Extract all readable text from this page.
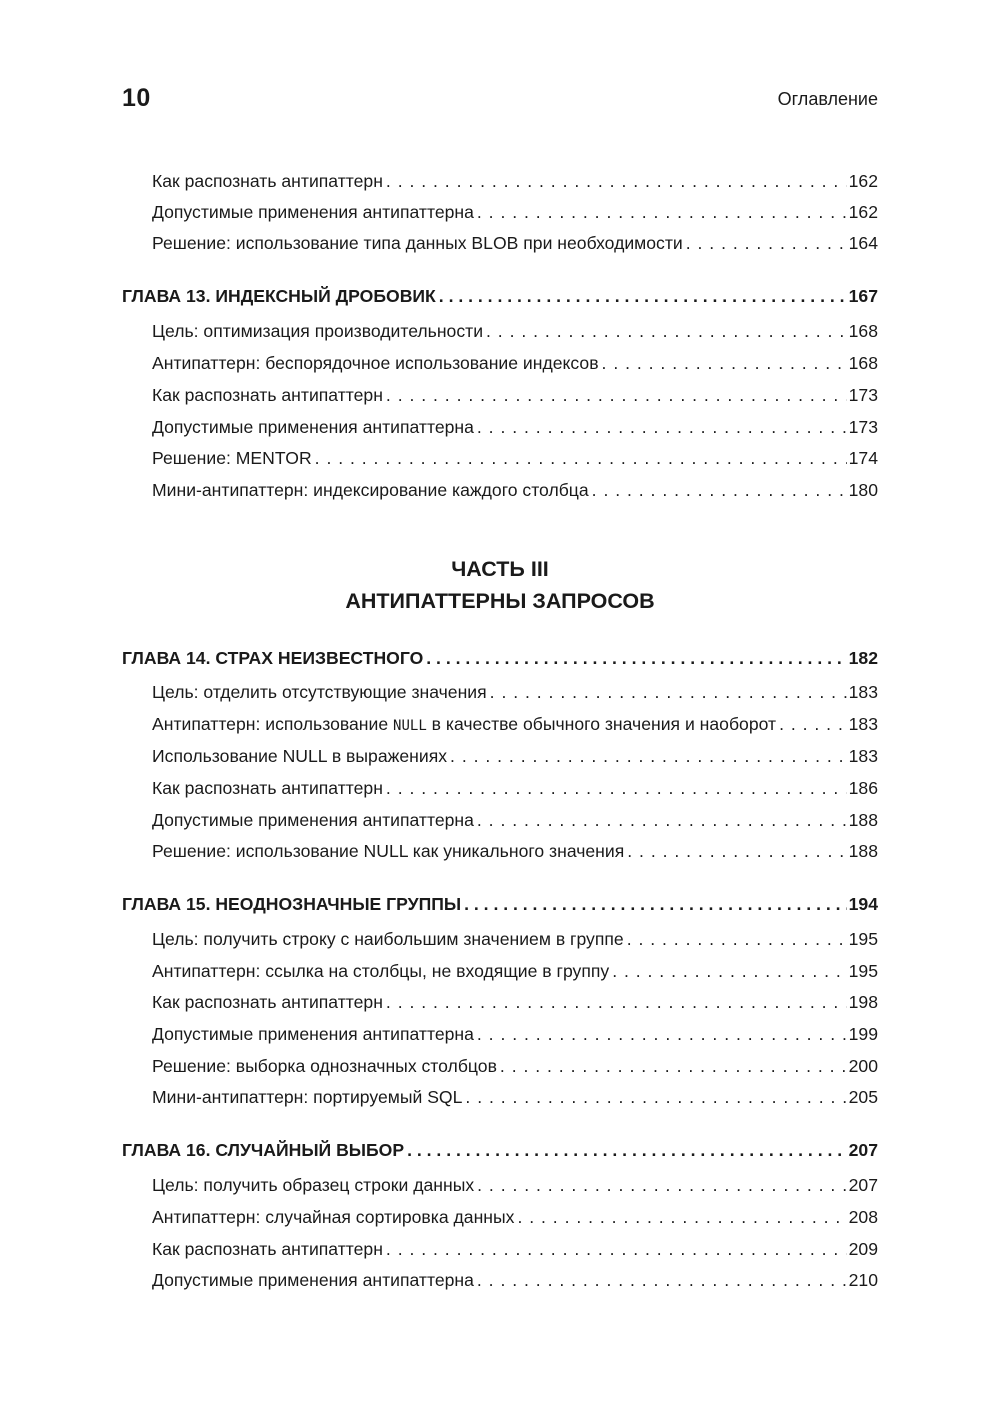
10	Оглавление
Как распознать антипаттерн . . .	162
Допустимые применения антипаттерна . . .	162
Решение: использование типа данных BLOB при необходимости . . .	164
ГЛАВА 13. ИНДЕКСНЫЙ ДРОБОВИК . . .	167
Цель: оптимизация производительности . . .	168
Антипаттерн: беспорядочное использование индексов . . .	168
Как распознать антипаттерн . . .	173
Допустимые применения антипаттерна . . .	173
Решение: MENTOR . . .	174
Мини-антипаттерн: индексирование каждого столбца . . .	180
ЧАСТЬ III
АНТИПАТТЕРНЫ ЗАПРОСОВ
ГЛАВА 14. СТРАХ НЕИЗВЕСТНОГО . . .	182
Цель: отделить отсутствующие значения . . .	183
Антипаттерн: использование NULL в качестве обычного значения и наоборот . . .	183
Использование NULL в выражениях . . .	183
Как распознать антипаттерн . . .	186
Допустимые применения антипаттерна . . .	188
Решение: использование NULL как уникального значения . . .	188
ГЛАВА 15. НЕОДНОЗНАЧНЫЕ ГРУППЫ . . .	194
Цель: получить строку с наибольшим значением в группе . . .	195
Антипаттерн: ссылка на столбцы, не входящие в группу . . .	195
Как распознать антипаттерн . . .	198
Допустимые применения антипаттерна . . .	199
Решение: выборка однозначных столбцов . . .	200
Мини-антипаттерн: портируемый SQL . . .	205
ГЛАВА 16. СЛУЧАЙНЫЙ ВЫБОР . . .	207
Цель: получить образец строки данных . . .	207
Антипаттерн: случайная сортировка данных . . .	208
Как распознать антипаттерн . . .	209
Допустимые применения антипаттерна . . .	210
